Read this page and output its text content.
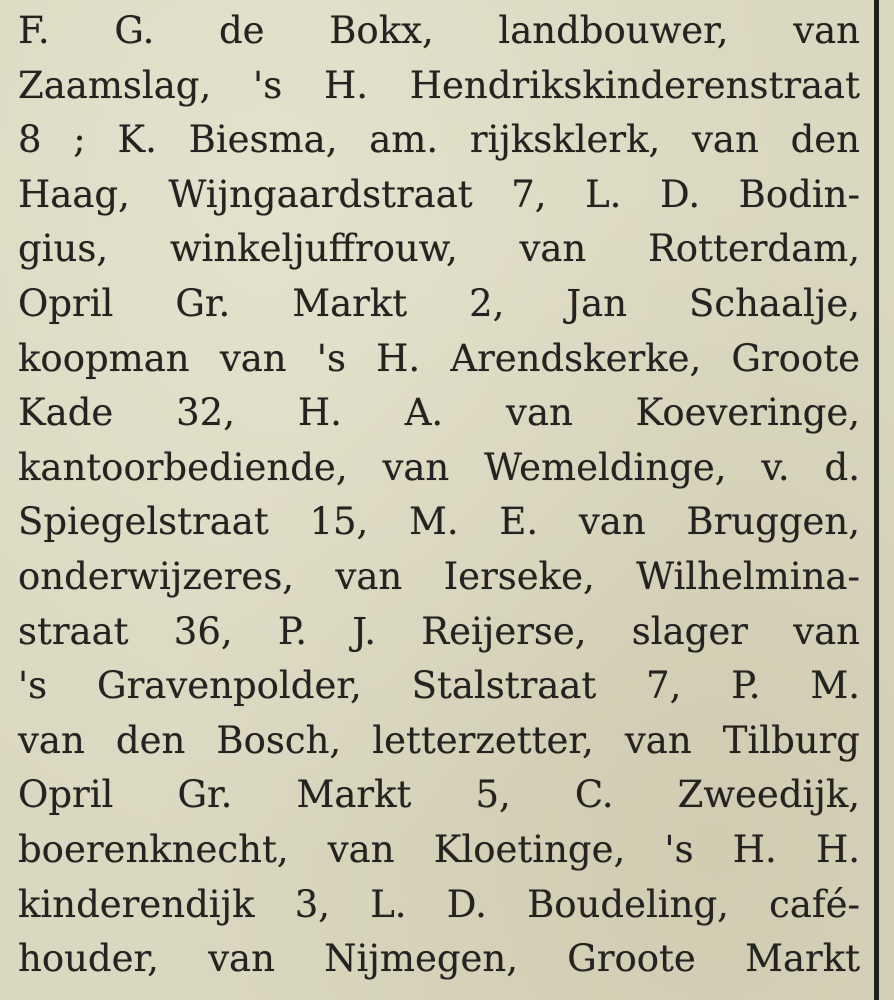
F. G. de Bokx, landbouwer, van
Zaamslag, 's H. Hendrikskinderenstraat
8 ; K. Biesma, am. rijksklerk, van den
Haag, Wijngaardstraat 7, L. D. Bodin-
gius, winkeljuffrouw, van Rotterdam,
Opril Gr. Markt 2, Jan Schaalje,
koopman van 's H. Arendskerke, Groote
Kade 32, H. A. van Koeveringe,
kantoorbediende, van Wemeldinge, v. d.
Spiegelstraat 15, M. E. van Bruggen,
onderwijzeres, van Ierseke, Wilhelmina-
straat 36, P. J. Reijerse, slager van
's Gravenpolder, Stalstraat 7, P. M.
van den Bosch, letterzetter, van Tilburg
Opril Gr. Markt 5, C. Zweedijk,
boerenknecht, van Kloetinge, 's H. H.
kinderendijk 3, L. D. Boudeling, café-
houder, van Nijmegen, Groote Markt
